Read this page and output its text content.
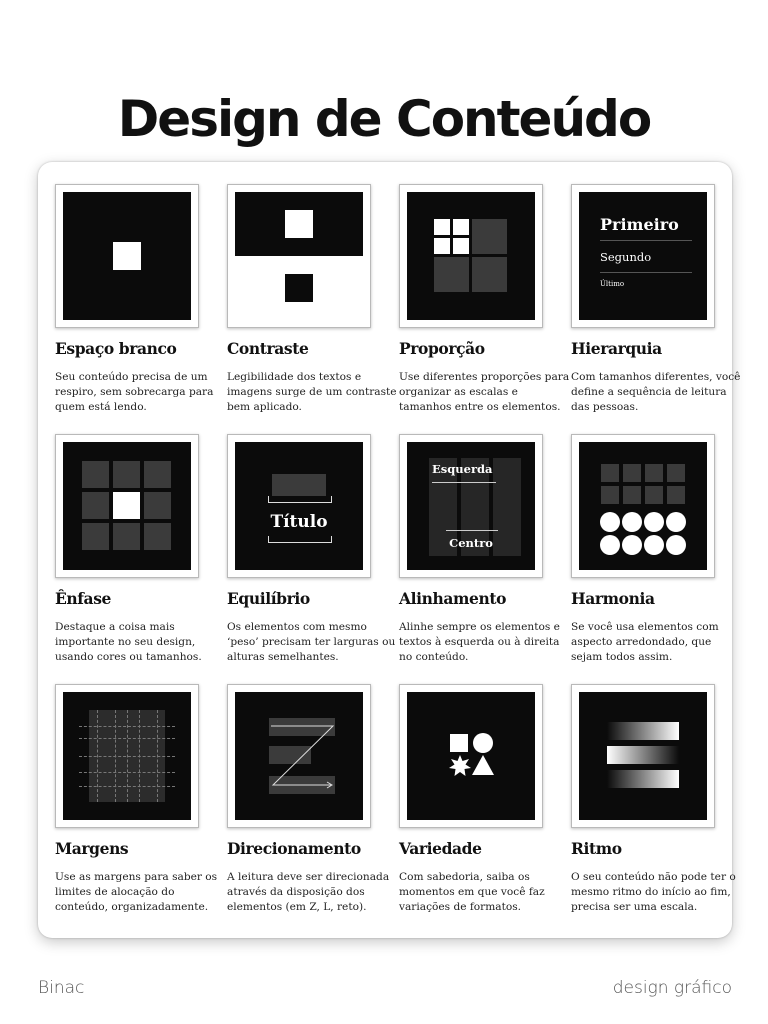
Design de Conteúdo
Espaço branco

Seu conteúdo precisa de um respiro, sem sobrecarga para quem está lendo.

Contraste

Legibilidade dos textos e imagens surge de um contraste bem aplicado.

Proporção

Use diferentes proporções para organizar as escalas e tamanhos entre os elementos.

Primeiro
Segundo
Último
Hierarquia

Com tamanhos diferentes, você define a sequência de leitura das pessoas.

Ênfase

Destaque a coisa mais importante no seu design, usando cores ou tamanhos.

Título
Equilíbrio

Os elementos com mesmo ‘peso’ precisam ter larguras ou alturas semelhantes.

Esquerda
Centro
Alinhamento

Alinhe sempre os elementos e textos à esquerda ou à direita no conteúdo.

Harmonia

Se você usa elementos com aspecto arredondado, que sejam todos assim.

Margens

Use as margens para saber os limites de alocação do conteúdo, organizadamente.

Direcionamento

A leitura deve ser direcionada através da disposição dos elementos (em Z, L, reto).

Variedade

Com sabedoria, saiba os momentos em que você faz variações de formatos.

Ritmo

O seu conteúdo não pode ter o mesmo ritmo do início ao fim, precisa ser uma escala.

Binac	design gráfico
